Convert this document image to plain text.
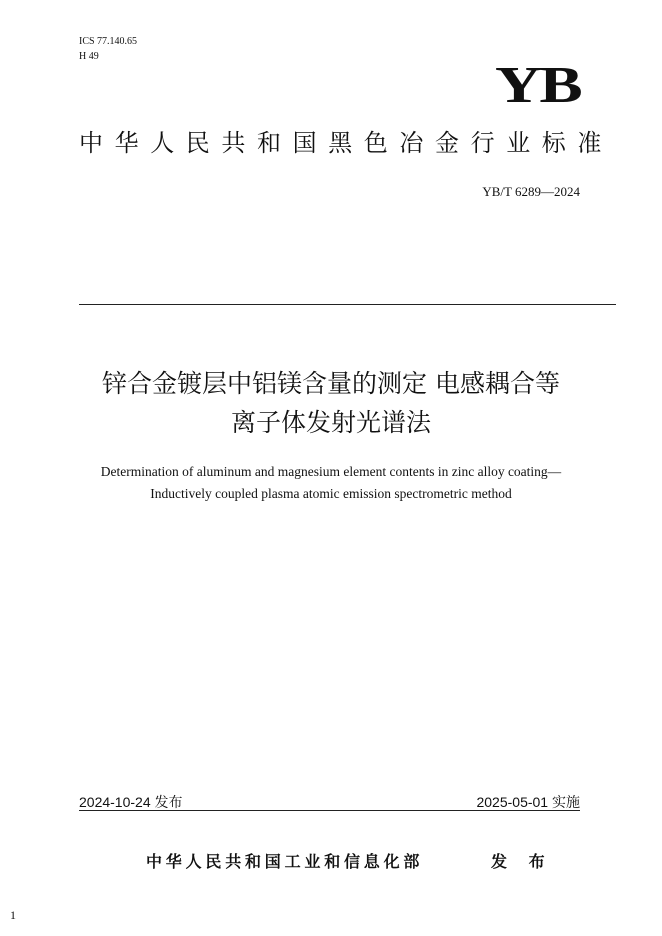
ICS 77.140.65
H 49
YB
中华人民共和国黑色冶金行业标准
YB/T 6289—2024
锌合金镀层中铝镁含量的测定 电感耦合等
离子体发射光谱法
Determination of aluminum and magnesium element contents in zinc alloy coating—
Inductively coupled plasma atomic emission spectrometric method
2024-10-24 发布	2025-05-01 实施
中华人民共和国工业和信息化部	发 布
1
